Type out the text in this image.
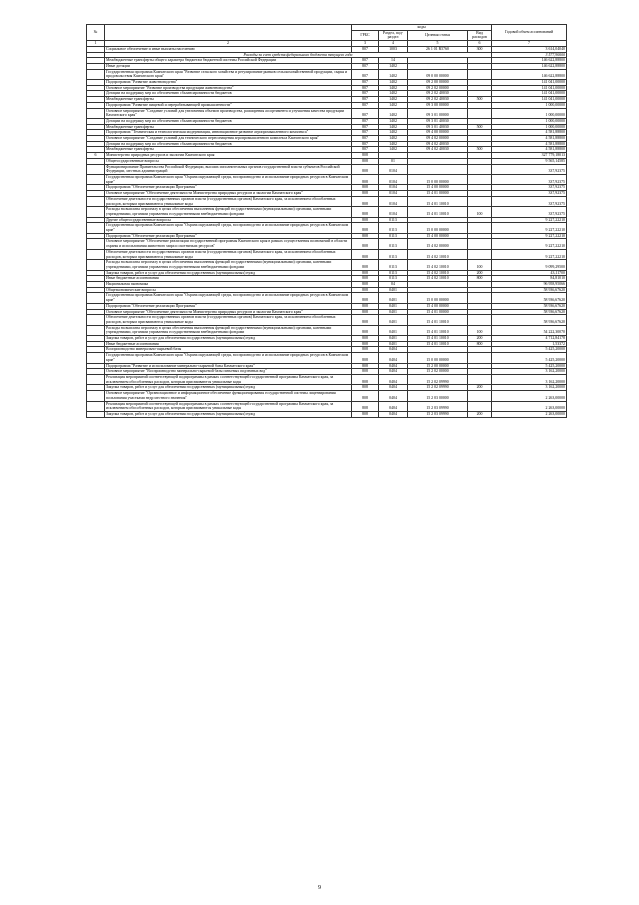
№		коды				Годовой объем ассигнований
		ГРБС	Раздел, под-раздел	Целевая статья	Вид расходов	
1	2	3	4	5	6	7
	Социальное обеспечение и иные выплаты населению	807	1003	26 1 01 R5760	300	3 614,04040
	Расходы за счет средств федерального бюджета текущего года					3 577,90000
	Межбюджетные трансферты общего характера бюджетам бюджетной системы Российской Федерации	807	14			146 622,88800
	Иные дотации	807	1402			146 622,88800
	Государственная программа Камчатского края "Развитие сельского хозяйства и регулирование рынков сельскохозяйственной продукции, сырья и продовольствия Камчатского края"	807	1402	09 0 00 00000		146 622,88800
	Подпрограмма "Развитие животноводства"	807	1402	09 2 00 00000		141 041,00000
	Основное мероприятие "Развитие производства продукции животноводства"	807	1402	09 2 02 00000		141 041,00000
	Дотации на поддержку мер по обеспечению сбалансированности бюджетов	807	1402	09 2 02 40030		141 041,00000
	Межбюджетные трансферты	807	1402	09 2 02 40030	500	141 041,00000
	Подпрограмма "Развитие пищевой и перерабатывающей промышленности"	807	1402	09 3 00 00000		1 000,00000
	Основное мероприятие "Создание условий для увеличения объемов производства, расширения ассортимента и улучшения качества продукции Камчатского края"	807	1402	09 3 01 00000		1 000,00000
	Дотации на поддержку мер по обеспечению сбалансированности бюджетов	807	1402	09 3 01 40030		1 000,00000
	Межбюджетные трансферты	807	1402	09 3 01 40030	500	1 000,00000
	Подпрограмма "Техническая и технологическая модернизация, инновационное развитие агропромышленного комплекса"	807	1402	09 4 00 00000		4 581,88800
	Основное мероприятие "Создание условий для технического переоснащения агропромышленного комплекса Камчатского края"	807	1402	09 4 02 00000		4 581,88800
	Дотации на поддержку мер по обеспечению сбалансированности бюджетов	807	1402	09 4 02 40030		4 581,88800
	Межбюджетные трансферты	807	1402	09 4 02 40030	500	4 581,88800
6	Министерство природных ресурсов и экологии Камчатского края	808				327 779,18013
	Общегосударственные вопросы	808	01			9 565,14585
	Функционирование Правительства Российской Федерации, высших исполнительных органов государственной власти субъектов Российской Федерации, местных администраций	808	0104			337,92375
	Государственная программа Камчатского края "Охрана окружающей среды, воспроизводство и использование природных ресурсов в Камчатском крае"	808	0104	15 0 00 00000		337,92375
	Подпрограмма "Обеспечение реализации Программы"	808	0104	15 4 00 00000		337,92375
	Основное мероприятие "Обеспечение деятельности Министерства природных ресурсов и экологии Камчатского края"	808	0104	15 4 01 00000		337,92375
	Обеспечение деятельности государственных органов власти (государственных органов) Камчатского края, за исключением обособленных расходов, которым присваиваются уникальные коды	808	0104	15 4 01 10010		337,92375
	Расходы на выплаты персоналу в целях обеспечения выполнения функций государственными (муниципальными) органами, казенными учреждениями, органами управления государственными внебюджетными фондами	808	0104	15 4 01 10010	100	337,92375
	Другие общегосударственные вопросы	808	0113			9 227,22210
	Государственная программа Камчатского края "Охрана окружающей среды, воспроизводство и использование природных ресурсов в Камчатском крае"	808	0113	15 0 00 00000		9 227,22210
	Подпрограмма "Обеспечение реализации Программы"	808	0113	15 4 00 00000		9 227,22210
	Основное мероприятие "Обеспечение реализации государственной программы Камчатского края в рамках осуществления полномочий в области охраны и использования животного мира и охотничьих ресурсов"	808	0113	15 4 02 00000		9 227,22210
	Обеспечение деятельности государственных органов власти (государственных органов) Камчатского края, за исключением обособленных расходов, которым присваиваются уникальные коды	808	0113	15 4 02 10010		9 227,22210
	Расходы на выплаты персоналу в целях обеспечения выполнения функций государственными (муниципальными) органами, казенными учреждениями, органами управления государственными внебюджетными фондами	808	0113	15 4 02 10010	100	9 099,29500
	Закупка товаров, работ и услуг для обеспечения государственных (муниципальных) нужд	808	0113	15 4 02 10010	200	43,11700
	Иные бюджетные ассигнования	808	0113	15 4 02 10010	800	84,81010
	Национальная экономика	808	04			96 958,95066
	Общеэкономические вопросы	808	0401			58 936,67620
	Государственная программа Камчатского края "Охрана окружающей среды, воспроизводство и использование природных ресурсов в Камчатском крае"	808	0401	15 0 00 00000		58 936,67620
	Подпрограмма "Обеспечение реализации Программы"	808	0401	15 4 00 00000		58 936,67620
	Основное мероприятие "Обеспечение деятельности Министерства природных ресурсов и экологии Камчатского края"	808	0401	15 4 01 00000		58 936,67620
	Обеспечение деятельности государственных органов власти (государственных органов) Камчатского края, за исключением обособленных расходов, которым присваиваются уникальные коды	808	0401	15 4 01 10010		58 936,67620
	Расходы на выплаты персоналу в целях обеспечения выполнения функций государственными (муниципальными) органами, казенными учреждениями, органами управления государственными внебюджетными фондами	808	0401	15 4 01 10010	100	54 222,30070
	Закупка товаров, работ и услуг для обеспечения государственных (муниципальных) нужд	808	0401	15 4 01 10010	200	4 712,84178
	Иные бюджетные ассигнования	808	0401	15 4 01 10010	800	1,53372
	Воспроизводство минерально-сырьевой базы	808	0404			5 425,20000
	Государственная программа Камчатского края "Охрана окружающей среды, воспроизводство и использование природных ресурсов в Камчатском крае"	808	0404	15 0 00 00000		5 425,20000
	Подпрограмма "Развитие и использование минерально-сырьевой базы Камчатского края"	808	0404	15 2 00 00000		5 425,20000
	Основное мероприятие "Воспроизводство минерально-сырьевой базы питьевых подземных вод"	808	0404	15 2 02 00000		3 162,20000
	Реализация мероприятий соответствующей подпрограммы в рамках соответствующей государственной программы Камчатского края, за исключением обособленных расходов, которым присваиваются уникальные коды	808	0404	15 2 02 09990		3 162,20000
	Закупка товаров, работ и услуг для обеспечения государственных (муниципальных) нужд	808	0404	15 2 02 09990	200	3 162,20000
	Основное мероприятие "Организационное и информационное обеспечение функционирования государственной системы лицензирования пользования участками недр местного значения"	808	0404	15 2 03 00000		2 263,00000
	Реализация мероприятий соответствующей подпрограммы в рамках соответствующей государственной программы Камчатского края, за исключением обособленных расходов, которым присваиваются уникальные коды	808	0404	15 2 03 09990		2 263,00000
	Закупка товаров, работ и услуг для обеспечения государственных (муниципальных) нужд	808	0404	15 2 03 09990	200	2 263,00000
9
